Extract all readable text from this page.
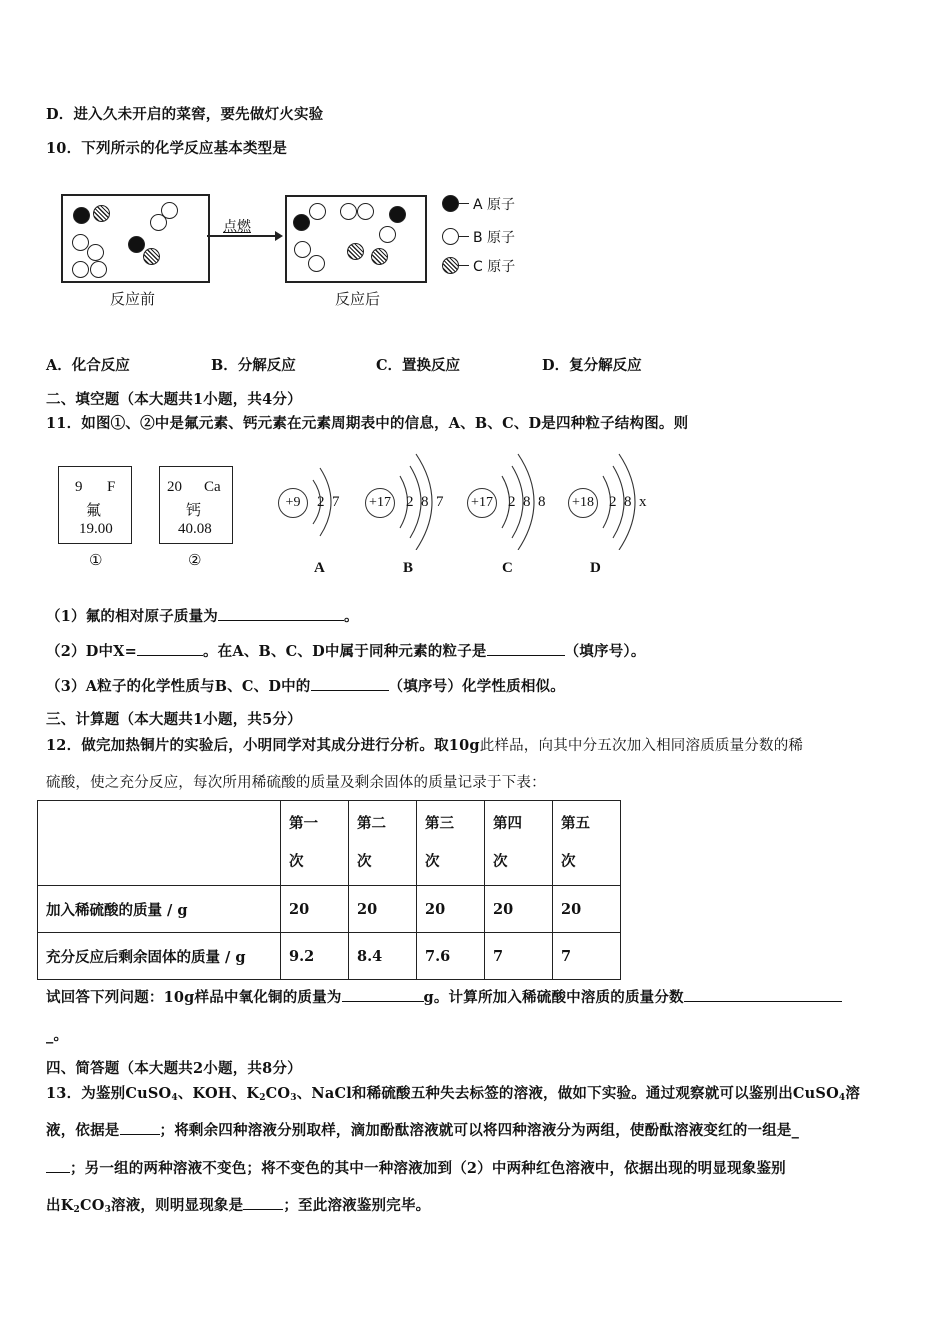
D．进入久未开启的菜窖，要先做灯火实验
10．下列所示的化学反应基本类型是
点燃
反应前	反应后
A 原子
B 原子
C 原子
A．化合反应	B．分解反应	C．置换反应	D．复分解反应
二、填空题（本大题共1小题，共4分）
11．如图①、②中是氟元素、钙元素在元素周期表中的信息，A、B、C、D是四种粒子结构图。则
9 F
氟
19.00
①
20 Ca
钙
40.08
②
+9	2  7
A
+17 2  8  7
B
+17 2  8  8
C
+18 2  8  x
D
（1）氟的相对原子质量为	。
（2）D中X=	。在A、B、C、D中属于同种元素的粒子是	（填序号）。
（3）A粒子的化学性质与B、C、D中的	（填序号）化学性质相似。
三、计算题（本大题共1小题，共5分）
12．做完加热铜片的实验后，小明同学对其成分进行分析。取10g此样品，向其中分五次加入相同溶质质量分数的稀
硫酸，使之充分反应，每次所用稀硫酸的质量及剩余固体的质量记录于下表：

	第一
次	第二
次	第三
次	第四
次	第五
次

加入稀硫酸的质量 / g	20	20	20	20	20
充分反应后剩余固体的质量 / g	9.2	8.4	7.6	7	7
试回答下列问题：10g样品中氧化铜的质量为	g。计算所加入稀硫酸中溶质的质量分数
_。
四、简答题（本大题共2小题，共8分）
13．为鉴别CuSO$_4$、KOH、$K_2CO_3$、NaCl和稀硫酸五种失去标签的溶液，做如下实验。通过观察就可以鉴别出CuSO$_4$溶
液，依据是	；将剩余四种溶液分别取样，滴加酚酞溶液就可以将四种溶液分为两组，使酚酞溶液变红的一组是_
；另一组的两种溶液不变色；将不变色的其中一种溶液加到（2）中两种红色溶液中，依据出现的明显现象鉴别
出$K_2CO_3$溶液，则明显现象是	；至此溶液鉴别完毕。
